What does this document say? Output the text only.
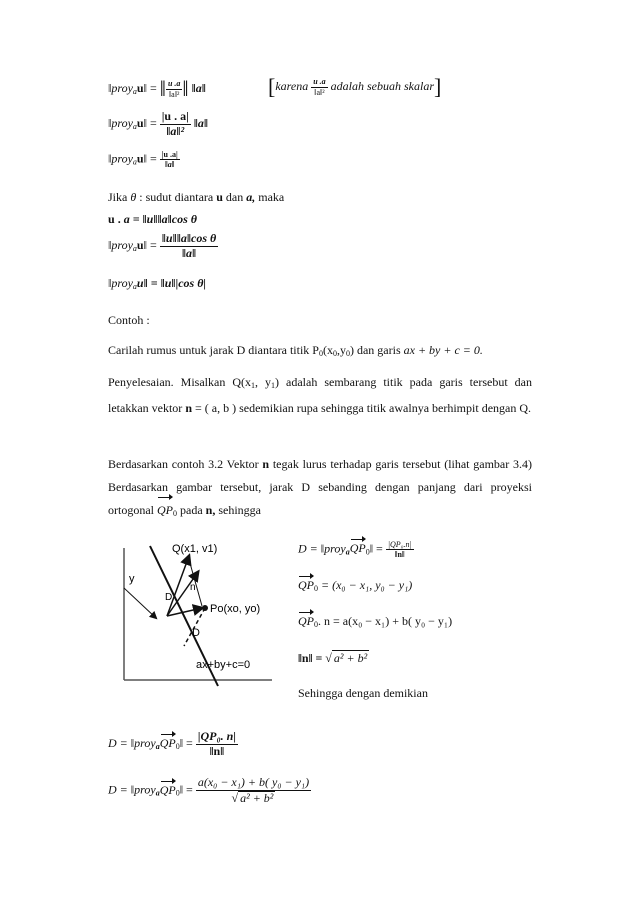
‖proy$_a$u‖ = ‖ $\frac{u .a}{\text{‖a‖²}}$ ‖ ‖a‖	[karena $\frac{u .a}{\text{‖a‖²}}$ adalah sebuah skalar]
‖proy$_a$u‖ = $\frac{|u . a|}{\text{‖a‖²}}$ ‖a‖
‖proy$_a$u‖ = $\frac{|u .a|}{‖a‖}$
Jika θ : sudut diantara u dan a, maka
u . a = ‖u‖‖a‖cos θ
‖proy$_a$u‖ = $\frac{\text{‖u‖‖a‖cos θ}}{‖a‖}$
‖proy$_a$u‖ = ‖u‖|cos θ|
Contoh :
Carilah rumus untuk jarak D diantara titik $P_0(x_0,y_0)$ dan garis ax + by + c = 0.
Penyelesaian. Misalkan $Q(x_1$, $y_1$) adalah sembarang titik pada garis tersebut dan letakkan vektor n = ( a, b ) sedemikian rupa sehingga titik awalnya berhimpit dengan Q.
Berdasarkan contoh 3.2 Vektor n tegak lurus terhadap garis tersebut (lihat gambar 3.4) Berdasarkan gambar tersebut, jarak D sebanding dengan panjang dari proyeksi ortogonal $QP_0$ pada n, sehingga
Q(x1, v1)
y
D
n
Po(xo, yo)
D
ax+by+c=0
$D = ‖proy_aQP_0‖ = \frac{\text{|QP₀.n|}}{‖n‖}$
$QP_0 = (x_0 - x_1$, y₀ − y₁)
$QP_0$. n = a(x₀ − x₁) + b( y₀ − y₁)
‖n‖ = √ a² + b²
Sehingga dengan demikian
$D = ‖proy_aQP_0‖ = \frac{\text{|QP₀. n|}}{‖n‖}$
$D = ‖proy_aQP_0‖ = \frac{\text{a(x₀ − x₁) + b( y₀ − y₁)}}{\text{√ a² + b²}}$
